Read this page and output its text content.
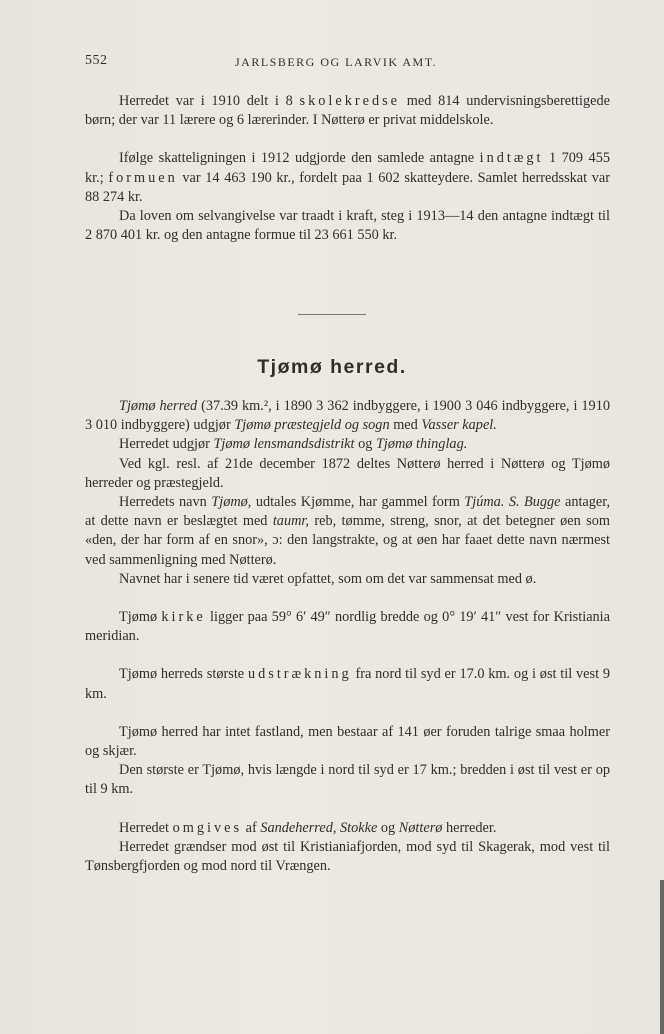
552	JARLSBERG OG LARVIK AMT.

Herredet var i 1910 delt i 8 skolekredse med 814 undervisningsberettigede børn; der var 11 lærere og 6 lærerinder. I Nøtterø er privat middelskole.

Ifølge skatteligningen i 1912 udgjorde den samlede antagne indtægt 1 709 455 kr.; formuen var 14 463 190 kr., fordelt paa 1 602 skatteydere. Samlet herredsskat var 88 274 kr.

Da loven om selvangivelse var traadt i kraft, steg i 1913—14 den antagne indtægt til 2 870 401 kr. og den antagne formue til 23 661 550 kr.

Tjømø herred.

Tjømø herred (37.39 km.², i 1890 3 362 indbyggere, i 1900 3 046 indbyggere, i 1910 3 010 indbyggere) udgjør Tjømø præstegjeld og sogn med Vasser kapel.

Herredet udgjør Tjømø lensmandsdistrikt og Tjømø thinglag.

Ved kgl. resl. af 21de december 1872 deltes Nøtterø herred i Nøtterø og Tjømø herreder og præstegjeld.

Herredets navn Tjømø, udtales Kjømme, har gammel form Tjúma. S. Bugge antager, at dette navn er beslægtet med taumr, reb, tømme, streng, snor, at det betegner øen som «den, der har form af en snor», ɔ: den langstrakte, og at øen har faaet dette navn nærmest ved sammenligning med Nøtterø.

Navnet har i senere tid været opfattet, som om det var sammensat med ø.

Tjømø kirke ligger paa 59° 6′ 49″ nordlig bredde og 0° 19′ 41″ vest for Kristiania meridian.

Tjømø herreds største udstrækning fra nord til syd er 17.0 km. og i øst til vest 9 km.

Tjømø herred har intet fastland, men bestaar af 141 øer foruden talrige smaa holmer og skjær.

Den største er Tjømø, hvis længde i nord til syd er 17 km.; bredden i øst til vest er op til 9 km.

Herredet omgives af Sandeherred, Stokke og Nøtterø herreder.

Herredet grændser mod øst til Kristianiafjorden, mod syd til Skagerak, mod vest til Tønsbergfjorden og mod nord til Vrængen.
